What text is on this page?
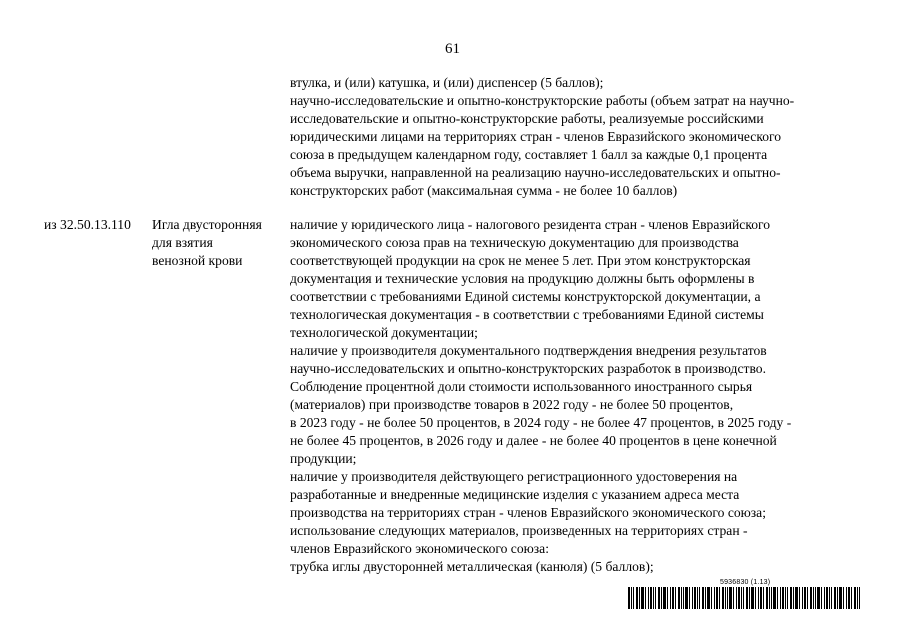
61
втулка, и (или) катушка, и (или) диспенсер (5 баллов);
научно-исследовательские и опытно-конструкторские работы (объем затрат на научно-
исследовательские и опытно-конструкторские работы, реализуемые российскими
юридическими лицами на территориях стран - членов Евразийского экономического
союза в предыдущем календарном году, составляет 1 балл за каждые 0,1 процента
объема выручки, направленной на реализацию научно-исследовательских и опытно-
конструкторских работ (максимальная сумма - не более 10 баллов)
из 32.50.13.110 Игла двусторонняя
для взятия
венозной крови
наличие у юридического лица - налогового резидента стран - членов Евразийского
экономического союза прав на техническую документацию для производства
соответствующей продукции на срок не менее 5 лет. При этом конструкторская
документация и технические условия на продукцию должны быть оформлены в
соответствии с требованиями Единой системы конструкторской документации, а
технологическая документация - в соответствии с требованиями Единой системы
технологической документации;
наличие у производителя документального подтверждения внедрения результатов
научно-исследовательских и опытно-конструкторских разработок в производство.
Соблюдение процентной доли стоимости использованного иностранного сырья
(материалов) при производстве товаров в 2022 году - не более 50 процентов,
в 2023 году - не более 50 процентов, в 2024 году - не более 47 процентов, в 2025 году -
не более 45 процентов, в 2026 году и далее - не более 40 процентов в цене конечной
продукции;
наличие у производителя действующего регистрационного удостоверения на
разработанные и внедренные медицинские изделия с указанием адреса места
производства на территориях стран - членов Евразийского экономического союза;
использование следующих материалов, произведенных на территориях стран -
членов Евразийского экономического союза:
трубка иглы двусторонней металлическая (канюля) (5 баллов);
5936830 (1.13)
